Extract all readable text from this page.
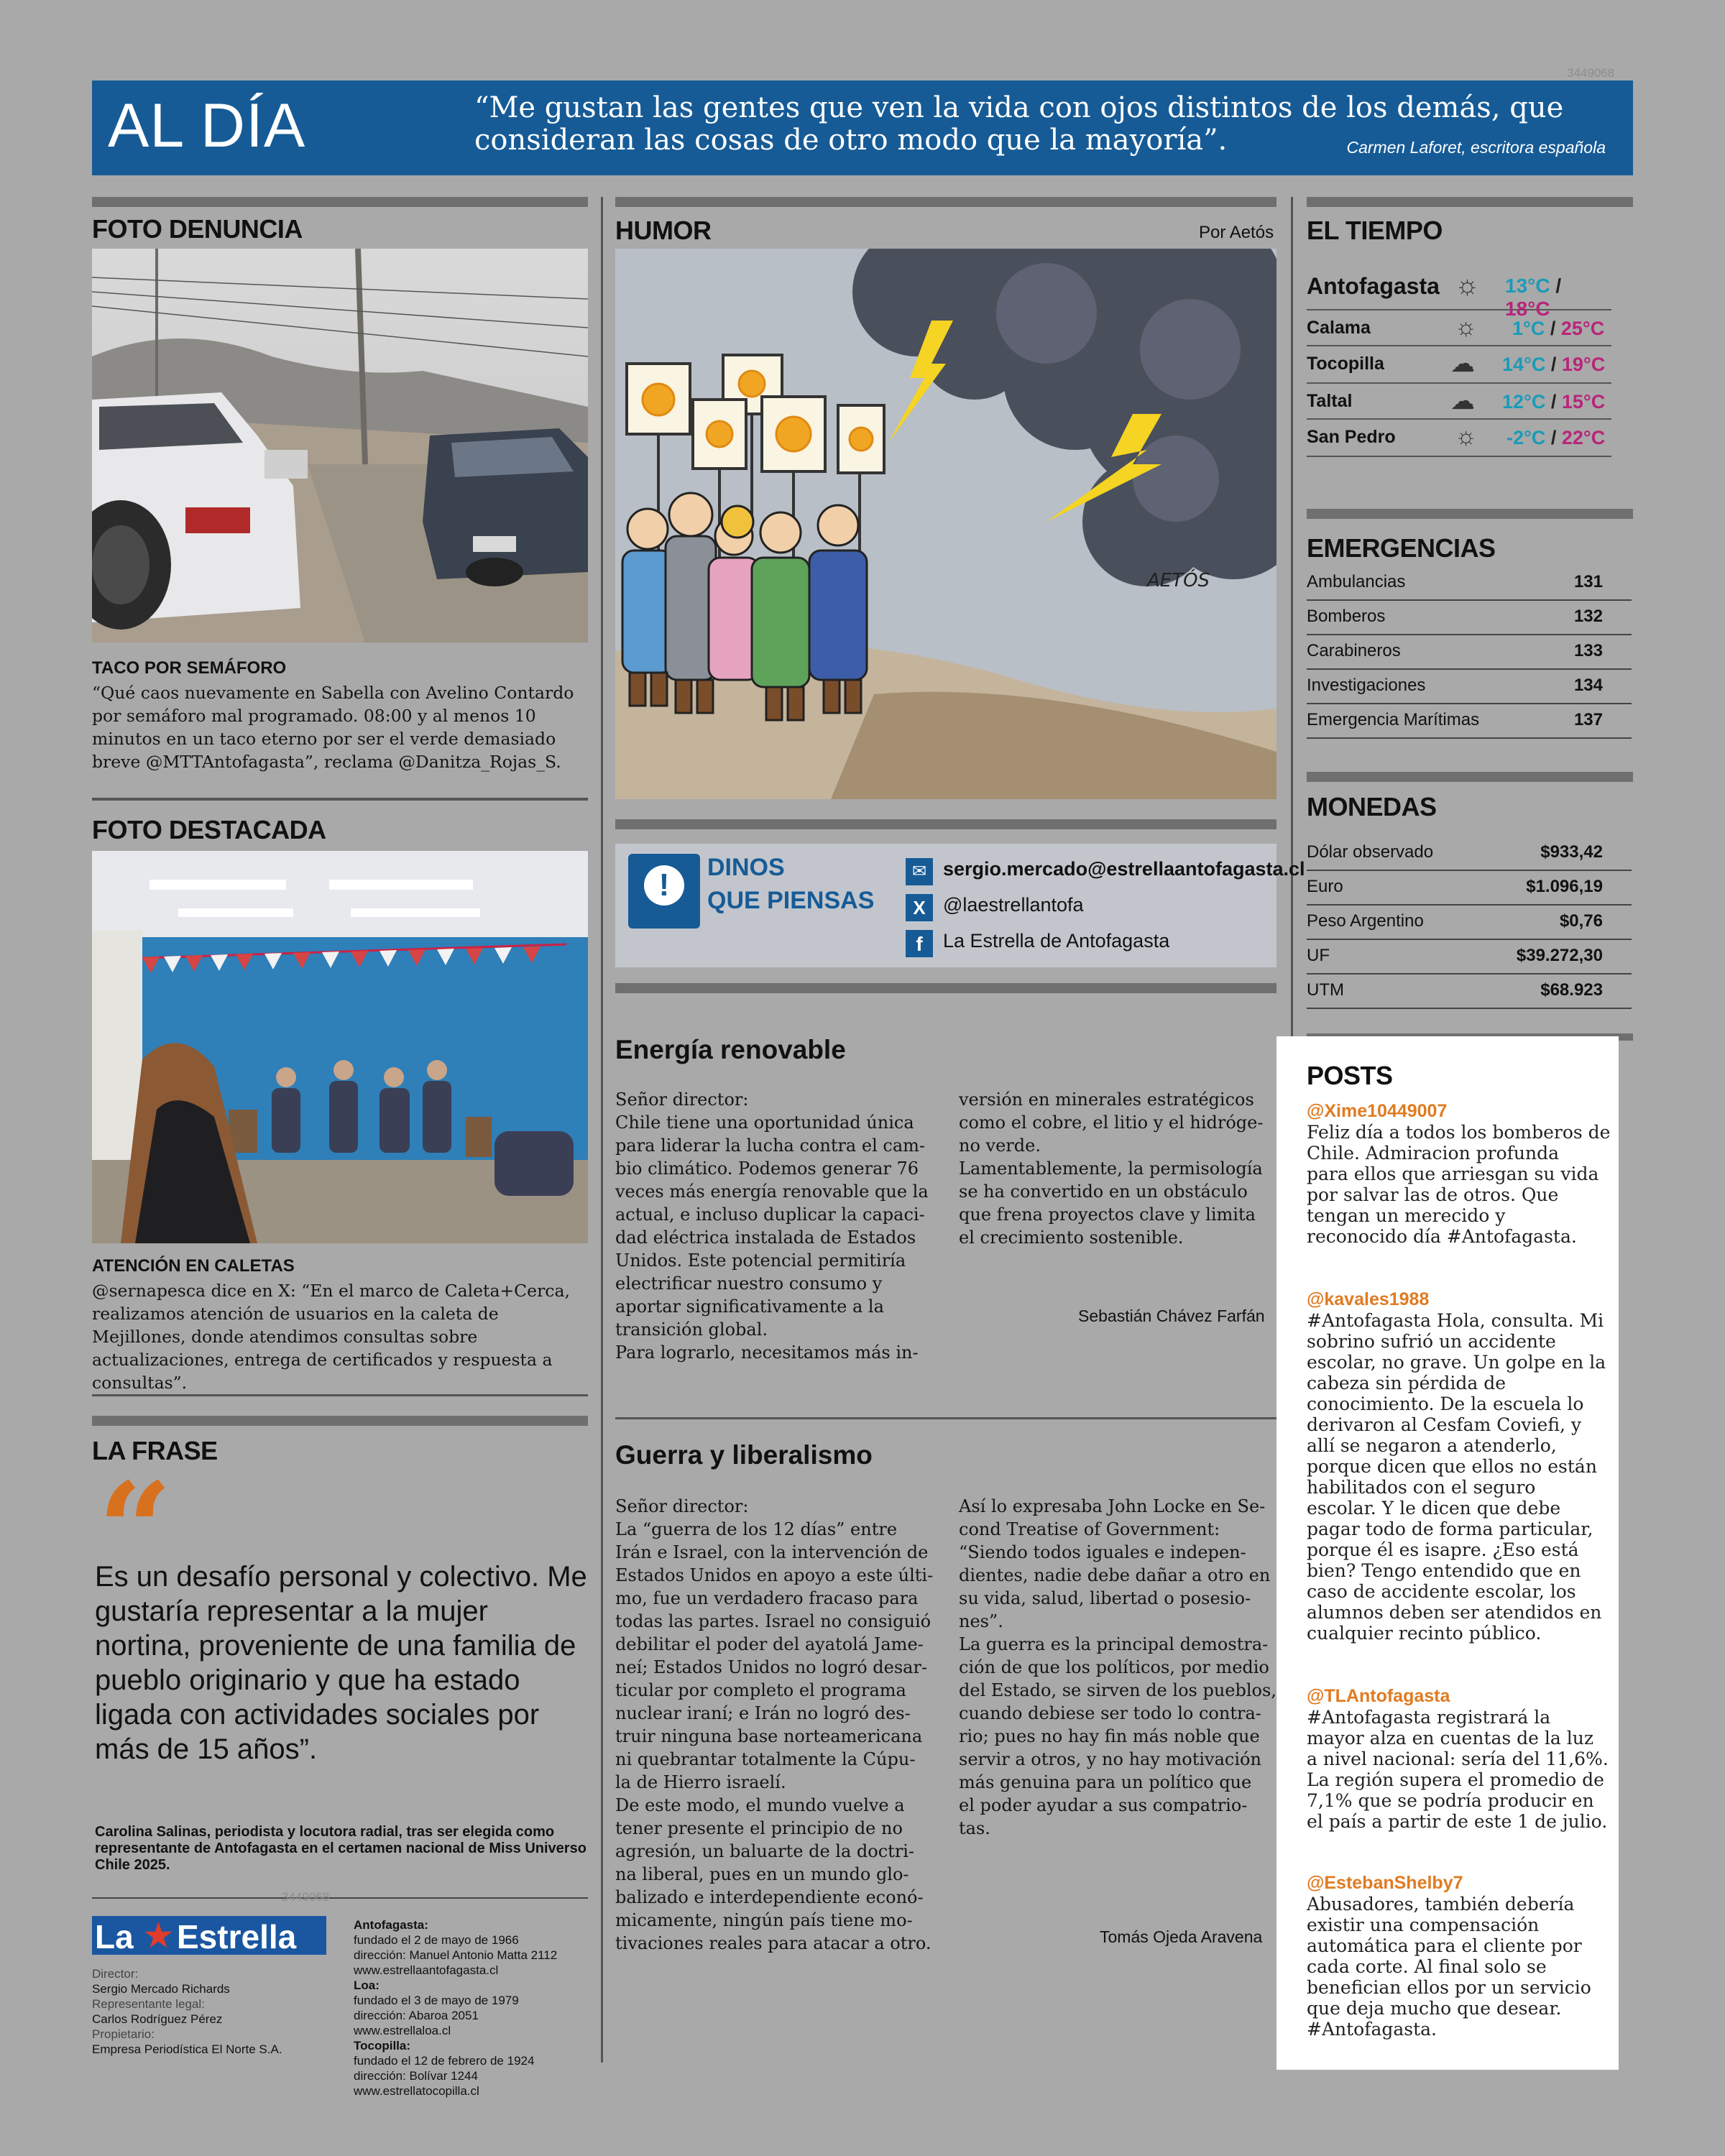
3449068
AL DÍA	“Me gustan las gentes que ven la vida con ojos distintos de los demás, que consideran las cosas de otro modo que la mayoría”.	Carmen Laforet, escritora española
FOTO DENUNCIA
TACO POR SEMÁFORO
“Qué caos nuevamente en Sabella con Avelino Contardo por semáforo mal programado. 08:00 y al menos 10 minutos en un taco eterno por ser el verde demasiado breve @MTTAntofagasta”, reclama @Danitza_Rojas_S.
FOTO DESTACADA
ATENCIÓN EN CALETAS
@sernapesca dice en X: “En el marco de Caleta+Cerca, realizamos atención de usuarios en la caleta de Mejillones, donde atendimos consultas sobre actualizaciones, entrega de certificados y respuesta a consultas”.
LA FRASE
“
Es un desafío personal y colectivo. Me gustaría representar a la mujer nortina, proveniente de una familia de pueblo originario y que ha estado ligada con actividades sociales por más de 15 años”.
Carolina Salinas, periodista y locutora radial, tras ser elegida como representante de Antofagasta en el certamen nacional de Miss Universo Chile 2025.
3449068
La ★ Estrella
Director:
Sergio Mercado Richards
Representante legal:
Carlos Rodríguez Pérez
Propietario:
Empresa Periodística El Norte S.A.
Antofagasta:
fundado el 2 de mayo de 1966
dirección: Manuel Antonio Matta 2112
www.estrellaantofagasta.cl
Loa:
fundado el 3 de mayo de 1979
dirección: Abaroa 2051
www.estrellaloa.cl
Tocopilla:
fundado el 12 de febrero de 1924
dirección: Bolívar 1244
www.estrellatocopilla.cl
HUMOR	Por Aetós
AETÓS
!	DINOS
QUE PIENSAS
✉ sergio.mercado@estrellaantofagasta.cl
X @laestrellantofa
f	La Estrella de Antofagasta
Energía renovable
Señor director:
Chile tiene una oportunidad única
para liderar la lucha contra el cam-
bio climático. Podemos generar 76
veces más energía renovable que la
actual, e incluso duplicar la capaci-
dad eléctrica instalada de Estados
Unidos. Este potencial permitiría
electrificar nuestro consumo y
aportar significativamente a la
transición global.
Para lograrlo, necesitamos más in-
versión en minerales estratégicos
como el cobre, el litio y el hidróge-
no verde.
Lamentablemente, la permisología
se ha convertido en un obstáculo
que frena proyectos clave y limita
el crecimiento sostenible.
Sebastián Chávez Farfán
Guerra y liberalismo
Señor director:
La “guerra de los 12 días” entre
Irán e Israel, con la intervención de
Estados Unidos en apoyo a este últi-
mo, fue un verdadero fracaso para
todas las partes. Israel no consiguió
debilitar el poder del ayatolá Jame-
neí; Estados Unidos no logró desar-
ticular por completo el programa
nuclear iraní; e Irán no logró des-
truir ninguna base norteamericana
ni quebrantar totalmente la Cúpu-
la de Hierro israelí.
De este modo, el mundo vuelve a
tener presente el principio de no
agresión, un baluarte de la doctri-
na liberal, pues en un mundo glo-
balizado e interdependiente econó-
micamente, ningún país tiene mo-
tivaciones reales para atacar a otro.
Así lo expresaba John Locke en Se-
cond Treatise of Government:
“Siendo todos iguales e indepen-
dientes, nadie debe dañar a otro en
su vida, salud, libertad o posesio-
nes”.
La guerra es la principal demostra-
ción de que los políticos, por medio
del Estado, se sirven de los pueblos,
cuando debiese ser todo lo contra-
rio; pues no hay fin más noble que
servir a otros, y no hay motivación
más genuina para un político que
el poder ayudar a sus compatrio-
tas.
Tomás Ojeda Aravena
EL TIEMPO
Antofagasta ☼ 13°C / 18°C
Calama	☼ 1°C / 25°C
Tocopilla	☁ 14°C / 19°C
Taltal	☁ 12°C / 15°C
San Pedro ☼ -2°C / 22°C
EMERGENCIAS
Ambulancias	131
Bomberos	132
Carabineros	133
Investigaciones	134
Emergencia Marítimas	137
MONEDAS
Dólar observado	$933,42
Euro	$1.096,19
Peso Argentino	$0,76
UF	$39.272,30
UTM	$68.923
POSTS
@Xime10449007
Feliz día a todos los bomberos de
Chile. Admiracion profunda
para ellos que arriesgan su vida
por salvar las de otros. Que
tengan un merecido y
reconocido día #Antofagasta.
@kavales1988
#Antofagasta Hola, consulta. Mi
sobrino sufrió un accidente
escolar, no grave. Un golpe en la
cabeza sin pérdida de
conocimiento. De la escuela lo
derivaron al Cesfam Coviefi, y
allí se negaron a atenderlo,
porque dicen que ellos no están
habilitados con el seguro
escolar. Y le dicen que debe
pagar todo de forma particular,
porque él es isapre. ¿Eso está
bien? Tengo entendido que en
caso de accidente escolar, los
alumnos deben ser atendidos en
cualquier recinto público.
@TLAntofagasta
#Antofagasta registrará la
mayor alza en cuentas de la luz
a nivel nacional: sería del 11,6%.
La región supera el promedio de
7,1% que se podría producir en
el país a partir de este 1 de julio.
@EstebanShelby7
Abusadores, también debería
existir una compensación
automática para el cliente por
cada corte. Al final solo se
benefician ellos por un servicio
que deja mucho que desear.
#Antofagasta.
